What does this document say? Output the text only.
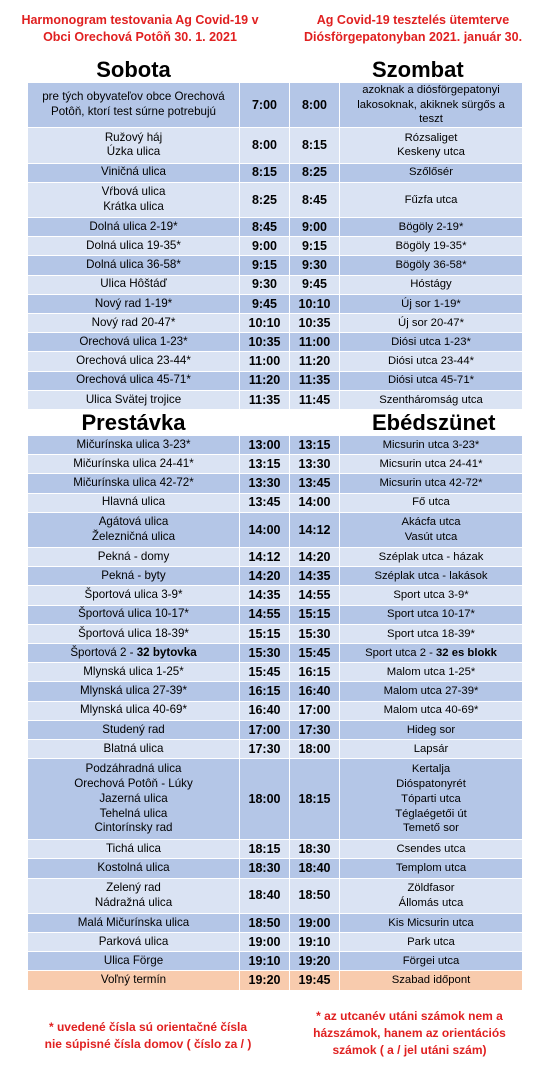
Harmonogram testovania Ag Covid-19 v
Obci Orechová Potôň 30. 1. 2021
Ag Covid-19 tesztelés ütemterve
Diósförgepatonyban 2021. január 30.
Sobota			Szombat
pre tých obyvateľov obce Orechová
Potôň, ktorí test súrne potrebujú	7:00	8:00	azoknak a diósförgepatonyi
lakosoknak, akiknek sürgős a teszt
Ružový háj
Úzka ulica	8:00	8:15	Rózsaliget
Keskeny utca
Viničná ulica	8:15	8:25	Szőlősér
Vŕbová ulica
Krátka ulica	8:25	8:45	Fűzfa utca
Dolná ulica 2-19*	8:45	9:00	Bögöly 2-19*
Dolná ulica 19-35*	9:00	9:15	Bögöly 19-35*
Dolná ulica 36-58*	9:15	9:30	Bögöly 36-58*
Ulica Hôštáď	9:30	9:45	Hóstágy
Nový rad 1-19*	9:45	10:10	Új sor 1-19*
Nový rad 20-47*	10:10	10:35	Új sor 20-47*
Orechová ulica 1-23*	10:35	11:00	Diósi utca 1-23*
Orechová ulica 23-44*	11:00	11:20	Diósi utca 23-44*
Orechová ulica 45-71*	11:20	11:35	Diósi utca 45-71*
Ulica Svätej trojice	11:35	11:45	Szentháromság utca
Prestávka			Ebédszünet
Mičurínska ulica 3-23*	13:00	13:15	Micsurin utca 3-23*
Mičurínska ulica 24-41*	13:15	13:30	Micsurin utca 24-41*
Mičurínska ulica 42-72*	13:30	13:45	Micsurin utca 42-72*
Hlavná ulica	13:45	14:00	Fő utca
Agátová ulica
Železničná ulica	14:00	14:12	Akácfa utca
Vasút utca
Pekná - domy	14:12	14:20	Széplak utca - házak
Pekná - byty	14:20	14:35	Széplak utca - lakások
Športová ulica 3-9*	14:35	14:55	Sport utca 3-9*
Športová ulica 10-17*	14:55	15:15	Sport utca 10-17*
Športová ulica 18-39*	15:15	15:30	Sport utca 18-39*
Športová 2 - 32 bytovka	15:30	15:45	Sport utca 2 - 32 es blokk
Mlynská ulica 1-25*	15:45	16:15	Malom utca 1-25*
Mlynská ulica 27-39*	16:15	16:40	Malom utca 27-39*
Mlynská ulica 40-69*	16:40	17:00	Malom utca 40-69*
Studený rad	17:00	17:30	Hideg sor
Blatná ulica	17:30	18:00	Lapsár
Podzáhradná ulica
Orechová Potôň - Lúky
Jazerná ulica
Tehelná ulica
Cintorínsky rad	18:00	18:15	Kertalja
Dióspatonyrét
Tóparti utca
Téglaégetői út
Temető sor
Tichá ulica	18:15	18:30	Csendes utca
Kostolná ulica	18:30	18:40	Templom utca
Zelený rad
Nádražná ulica	18:40	18:50	Zöldfasor
Állomás utca
Malá Mičurínska ulica	18:50	19:00	Kis Micsurin utca
Parková ulica	19:00	19:10	Park utca
Ulica Förge	19:10	19:20	Förgei utca
Voľný termín	19:20	19:45	Szabad időpont
* uvedené čísla sú orientačné čísla
nie súpisné čísla domov ( číslo za / )
* az utcanév utáni számok nem a
házszámok, hanem az orientációs
számok ( a / jel utáni szám)
